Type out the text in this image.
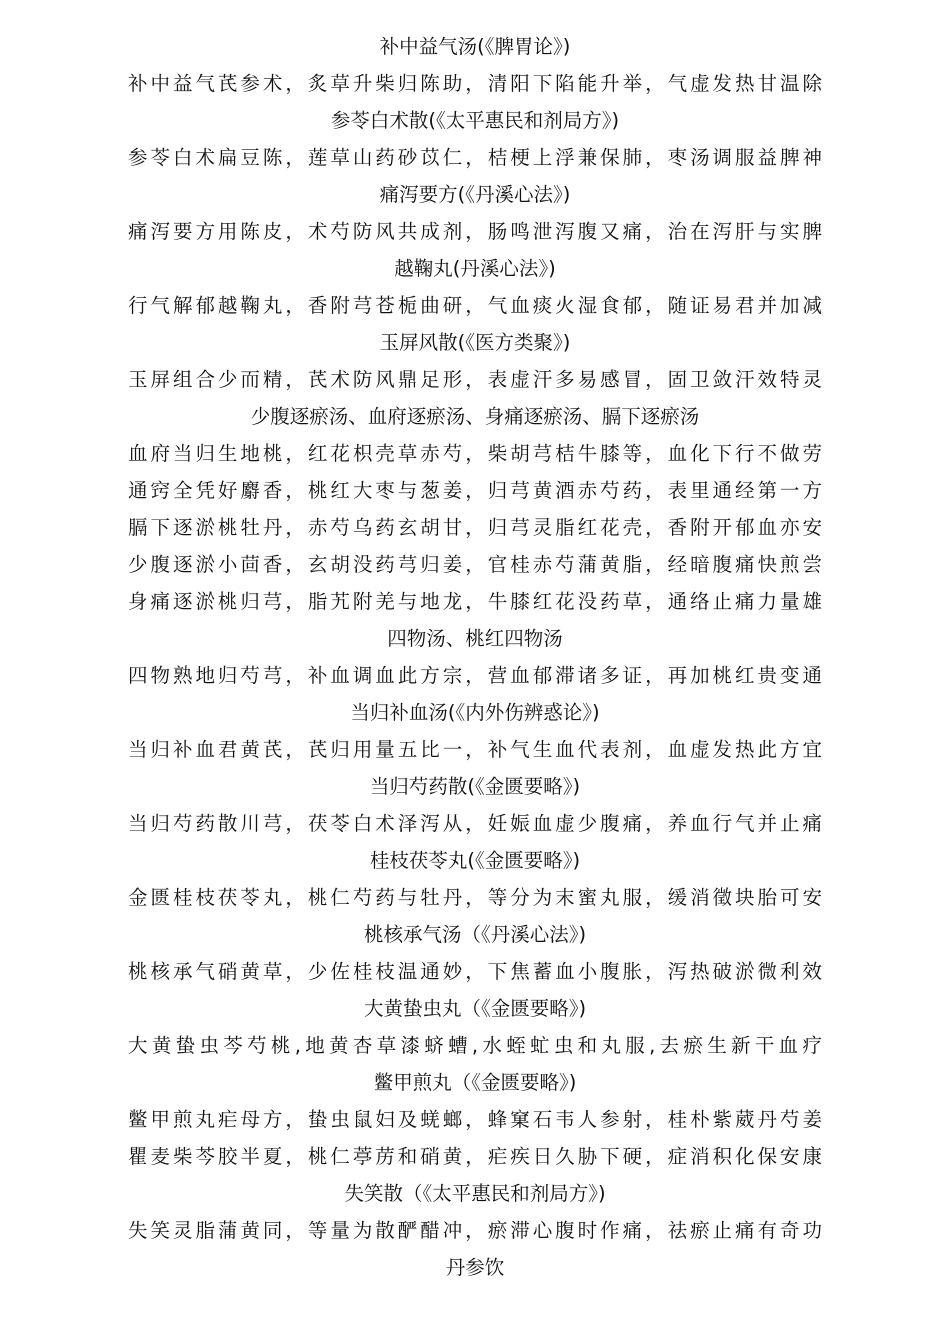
补中益气汤(《脾胃论》)
补中益气芪参术，炙草升柴归陈助，清阳下陷能升举，气虚发热甘温除
参苓白术散(《太平惠民和剂局方》)
参苓白术扁豆陈，莲草山药砂苡仁，桔梗上浮兼保肺，枣汤调服益脾神
痛泻要方(《丹溪心法》)
痛泻要方用陈皮，术芍防风共成剂，肠鸣泄泻腹又痛，治在泻肝与实脾
越鞠丸(丹溪心法》)
行气解郁越鞠丸，香附芎苍栀曲研，气血痰火湿食郁，随证易君并加减
玉屏风散(《医方类聚》)
玉屏组合少而精，芪术防风鼎足形，表虚汗多易感冒，固卫敛汗效特灵
少腹逐瘀汤、血府逐瘀汤、身痛逐瘀汤、膈下逐瘀汤
血府当归生地桃，红花枳壳草赤芍，柴胡芎桔牛膝等，血化下行不做劳
通窍全凭好麝香，桃红大枣与葱姜，归芎黄酒赤芍药，表里通经第一方
膈下逐淤桃牡丹，赤芍乌药玄胡甘，归芎灵脂红花壳，香附开郁血亦安
少腹逐淤小茴香，玄胡没药芎归姜，官桂赤芍蒲黄脂，经暗腹痛快煎尝
身痛逐淤桃归芎，脂艽附羌与地龙，牛膝红花没药草，通络止痛力量雄
四物汤、桃红四物汤
四物熟地归芍芎，补血调血此方宗，营血郁滞诸多证，再加桃红贵变通
当归补血汤(《内外伤辨惑论》)
当归补血君黄芪，芪归用量五比一，补气生血代表剂，血虚发热此方宜
当归芍药散(《金匮要略》)
当归芍药散川芎，茯苓白术泽泻从，妊娠血虚少腹痛，养血行气并止痛
桂枝茯苓丸(《金匮要略》)
金匮桂枝茯苓丸，桃仁芍药与牡丹，等分为末蜜丸服，缓消徵块胎可安
桃核承气汤（《丹溪心法》)
桃核承气硝黄草，少佐桂枝温通妙，下焦蓄血小腹胀，泻热破淤微利效
大黄蛰虫丸（《金匮要略》)
大黄蛰虫芩芍桃,地黄杏草漆蛴螬,水蛭虻虫和丸服,去瘀生新干血疗
鳖甲煎丸（《金匮要略》)
鳖甲煎丸疟母方，蛰虫鼠妇及蜣螂，蜂窠石韦人参射，桂朴紫葳丹芍姜
瞿麦柴芩胶半夏，桃仁葶苈和硝黄，疟疾日久胁下硬，症消积化保安康
失笑散（《太平惠民和剂局方》)
失笑灵脂蒲黄同，等量为散酽醋冲，瘀滞心腹时作痛，祛瘀止痛有奇功
丹参饮
